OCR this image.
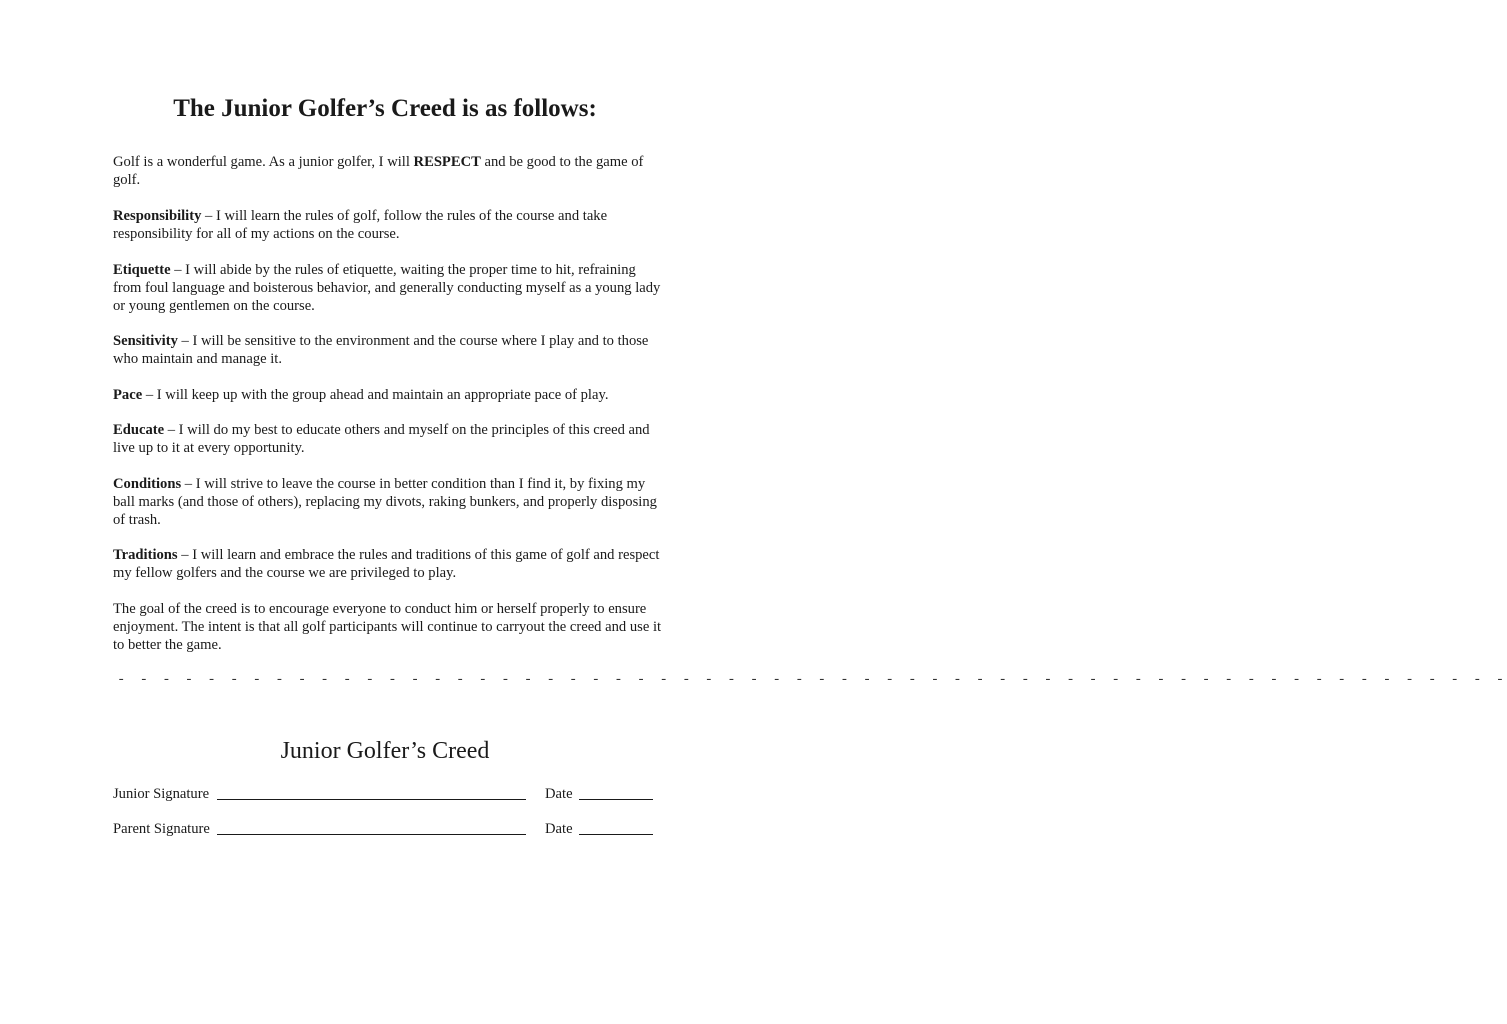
The Junior Golfer’s Creed is as follows:

Golf is a wonderful game. As a junior golfer, I will RESPECT and be good to the game of golf.

Responsibility – I will learn the rules of golf, follow the rules of the course and take responsibility for all of my actions on the course.

Etiquette – I will abide by the rules of etiquette, waiting the proper time to hit, refraining from foul language and boisterous behavior, and generally conducting myself as a young lady or young gentlemen on the course.

Sensitivity – I will be sensitive to the environment and the course where I play and to those who maintain and manage it.

Pace – I will keep up with the group ahead and maintain an appropriate pace of play.

Educate – I will do my best to educate others and myself on the principles of this creed and live up to it at every opportunity.

Conditions – I will strive to leave the course in better condition than I find it, by fixing my ball marks (and those of others), replacing my divots, raking bunkers, and properly disposing of trash.

Traditions – I will learn and embrace the rules and traditions of this game of golf and respect my fellow golfers and the course we are privileged to play.

The goal of the creed is to encourage everyone to conduct him or herself properly to ensure enjoyment. The intent is that all golf participants will continue to carryout the creed and use it to better the game.

- - - - - - - - - - - - - - - - - - - - - - - - - - - - - - - - - - - - - - - - - - - - - - - - - - - - - - - - - - - - - -
Junior Golfer’s Creed
Junior Signature	Date
Parent Signature	Date
